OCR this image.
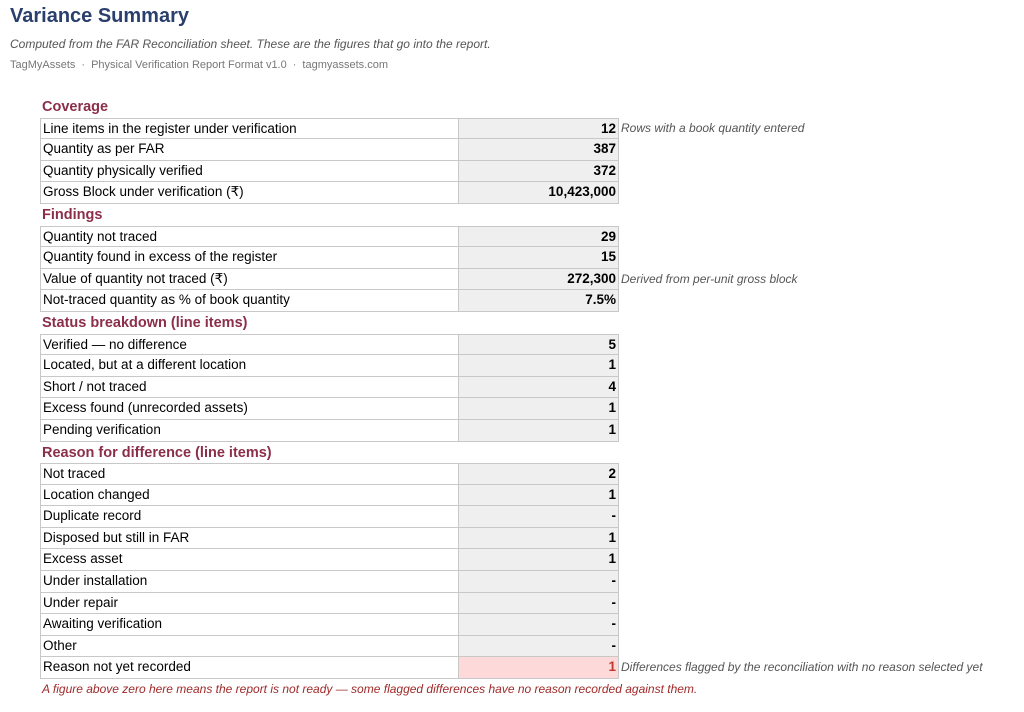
Variance Summary
Computed from the FAR Reconciliation sheet. These are the figures that go into the report.
TagMyAssets · Physical Verification Report Format v1.0 · tagmyassets.com
Coverage
Line items in the register under verification	12 Rows with a book quantity entered
Quantity as per FAR	387
Quantity physically verified	372
Gross Block under verification (₹)	10,423,000
Findings
Quantity not traced	29
Quantity found in excess of the register	15
Value of quantity not traced (₹)	272,300 Derived from per-unit gross block
Not-traced quantity as % of book quantity	7.5%
Status breakdown (line items)
Verified — no difference	5
Located, but at a different location	1
Short / not traced	4
Excess found (unrecorded assets)	1
Pending verification	1
Reason for difference (line items)
Not traced	2
Location changed	1
Duplicate record	-
Disposed but still in FAR	1
Excess asset	1
Under installation	-
Under repair	-
Awaiting verification	-
Other	-
Reason not yet recorded	1 Differences flagged by the reconciliation with no reason selected yet
A figure above zero here means the report is not ready — some flagged differences have no reason recorded against them.
